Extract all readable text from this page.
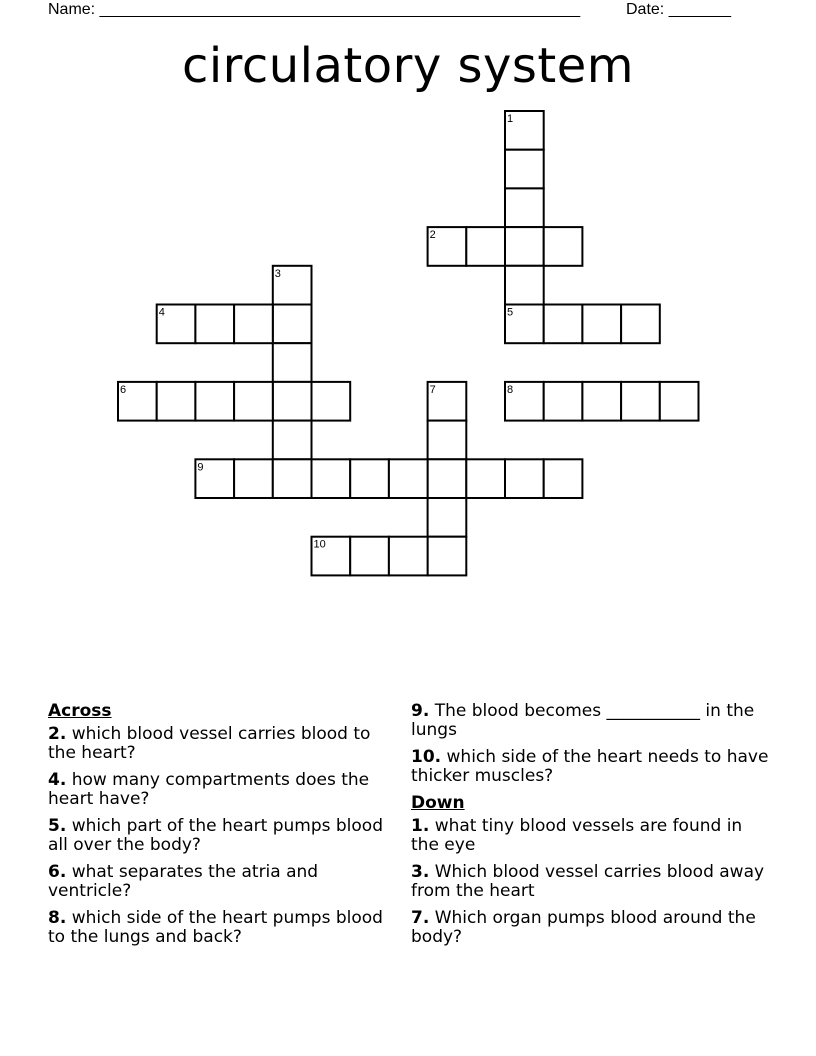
Name: ______________________________________________________	Date: _______
circulatory system
1
2
3
4	5
6	7	8
9
10
Across
2. which blood vessel carries blood to the heart?
4. how many compartments does the heart have?
5. which part of the heart pumps blood all over the body?
6. what separates the atria and ventricle?
8. which side of the heart pumps blood to the lungs and back?
9. The blood becomes ___________ in the lungs
10. which side of the heart needs to have thicker muscles?
Down
1. what tiny blood vessels are found in the eye
3. Which blood vessel carries blood away from the heart
7. Which organ pumps blood around the body?
